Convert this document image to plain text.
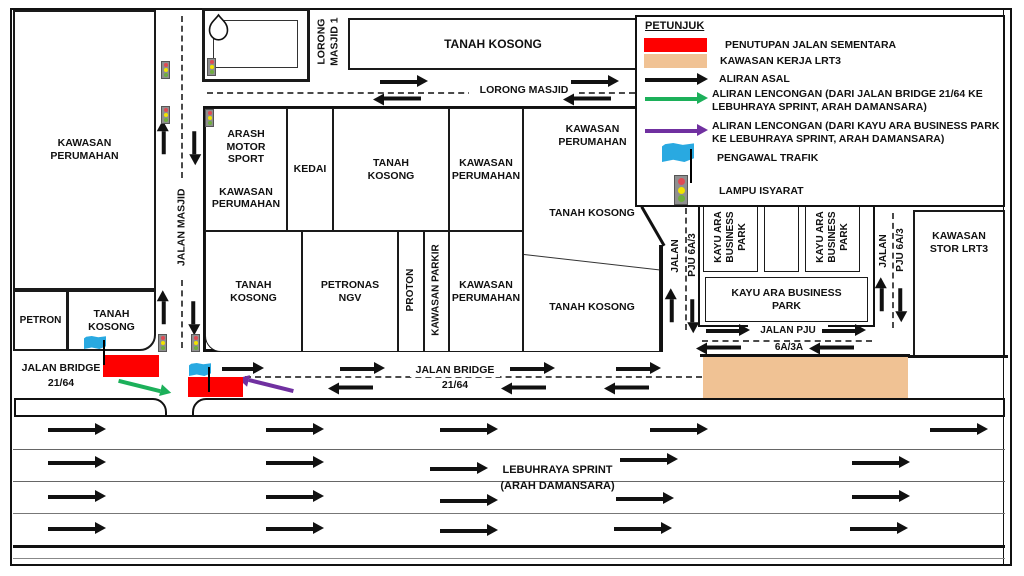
KAWASAN PERUMAHAN
PETRON
TANAH KOSONG
TANAH KOSONG
ARASH MOTOR SPORT
KAWASAN PERUMAHAN
KEDAI
TANAH KOSONG
KAWASAN PERUMAHAN
TANAH KOSONG
PETRONAS NGV	PROTON KAWASAN PARKIR	KAWASAN PERUMAHAN
KAWASAN PERUMAHAN
TANAH KOSONG
TANAH KOSONG
KAYU ARA BUSINESS PARK	KAYU ARA BUSINESS PARK
KAYU ARA BUSINESS PARK
KAWASAN STOR LRT3
LORONG MASJID
LORONG MASJID 1
JALAN MASJID
JALAN BRIDGE
21/64
JALAN BRIDGE
21/64
JALAN PJU 6A/3	JALAN PJU 6A/3
JALAN PJU
6A/3A
LEBUHRAYA SPRINT
(ARAH DAMANSARA)
PETUNJUK
PENUTUPAN JALAN SEMENTARA
KAWASAN KERJA LRT3
ALIRAN ASAL
ALIRAN LENCONGAN (DARI JALAN BRIDGE 21/64 KE LEBUHRAYA SPRINT, ARAH DAMANSARA)
ALIRAN LENCONGAN (DARI KAYU ARA BUSINESS PARK KE LEBUHRAYA SPRINT, ARAH DAMANSARA)
PENGAWAL TRAFIK
LAMPU ISYARAT
